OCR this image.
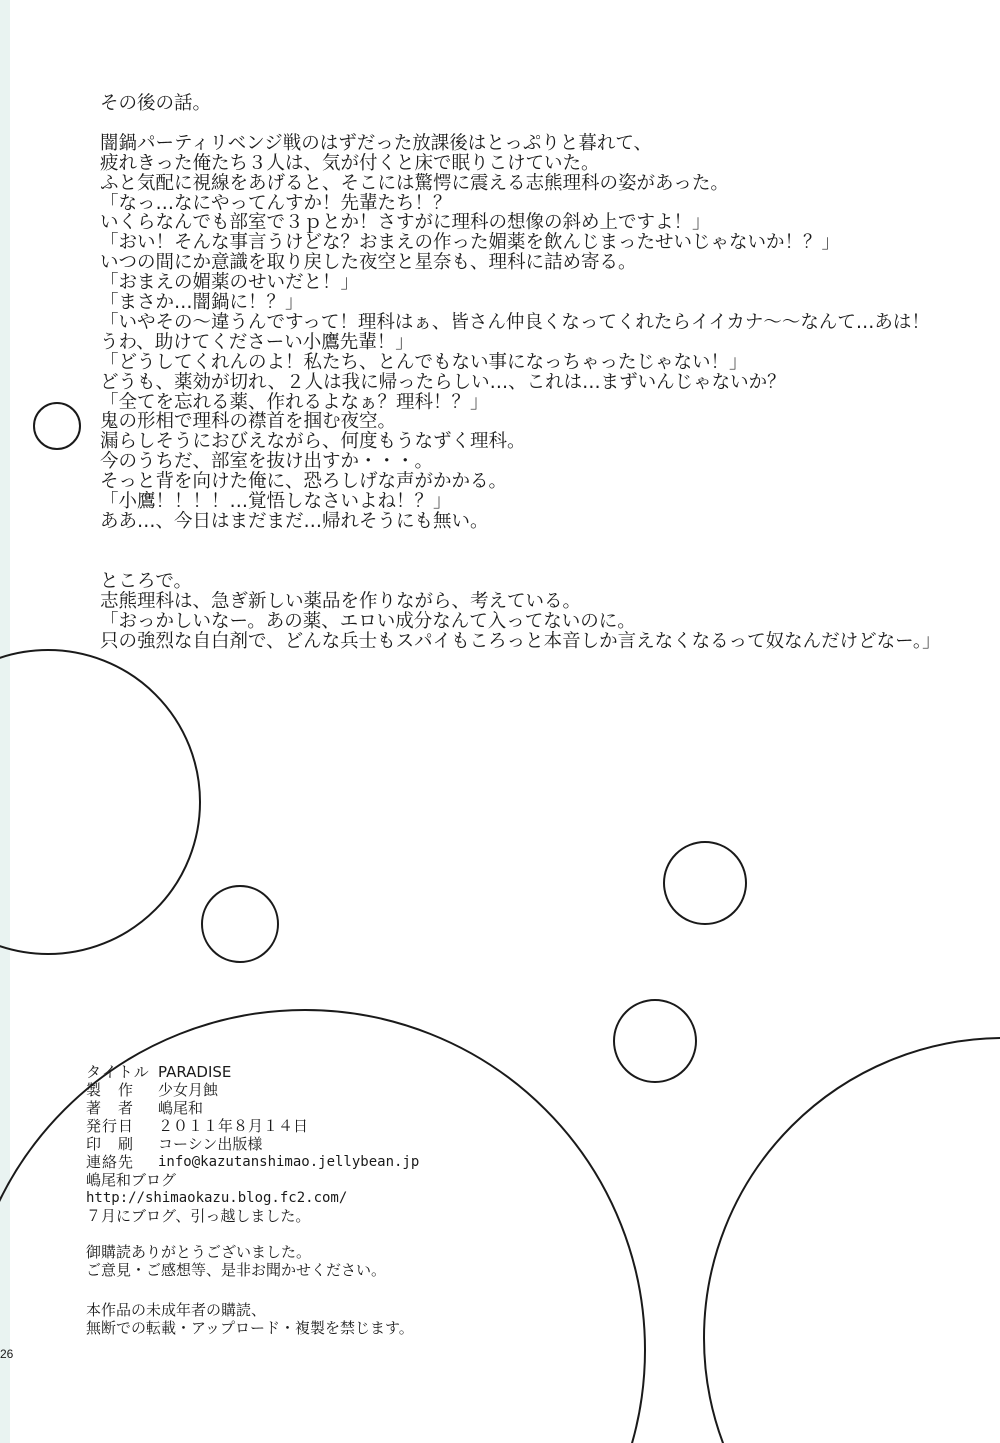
その後の話。

闇鍋パーティリベンジ戦のはずだった放課後はとっぷりと暮れて、

疲れきった俺たち３人は、気が付くと床で眠りこけていた。

ふと気配に視線をあげると、そこには驚愕に震える志熊理科の姿があった。

「なっ…なにやってんすか！先輩たち！？

いくらなんでも部室で３ｐとか！さすがに理科の想像の斜め上ですよ！」

「おい！そんな事言うけどな？おまえの作った媚薬を飲んじまったせいじゃないか！？」

いつの間にか意識を取り戻した夜空と星奈も、理科に詰め寄る。

「おまえの媚薬のせいだと！」

「まさか…闇鍋に！？」

「いやその～違うんですって！理科はぁ、皆さん仲良くなってくれたらイイカナ～～なんて…あは！

うわ、助けてくださーい小鷹先輩！」

「どうしてくれんのよ！私たち、とんでもない事になっちゃったじゃない！」

どうも、薬効が切れ、２人は我に帰ったらしい…、これは…まずいんじゃないか？

「全てを忘れる薬、作れるよなぁ？理科！？」

鬼の形相で理科の襟首を掴む夜空。

漏らしそうにおびえながら、何度もうなずく理科。

今のうちだ、部室を抜け出すか・・・。

そっと背を向けた俺に、恐ろしげな声がかかる。

「小鷹！！！！…覚悟しなさいよね！？」

ああ…、今日はまだまだ…帰れそうにも無い。

ところで。

志熊理科は、急ぎ新しい薬品を作りながら、考えている。

「おっかしいなー。あの薬、エロい成分なんて入ってないのに。

只の強烈な自白剤で、どんな兵士もスパイもころっと本音しか言えなくなるって奴なんだけどなー。」

タイトル PARADISE
製　作	少女月蝕
著　者	嶋尾和
発行日	２０１１年８月１４日
印　刷	コーシン出版様
連絡先	info@kazutanshimao.jellybean.jp
嶋尾和ブログ
http://shimaokazu.blog.fc2.com/
７月にブログ、引っ越しました。
御購読ありがとうございました。
ご意見・ご感想等、是非お聞かせください。
本作品の未成年者の購読、
無断での転載・アップロード・複製を禁じます。
26
